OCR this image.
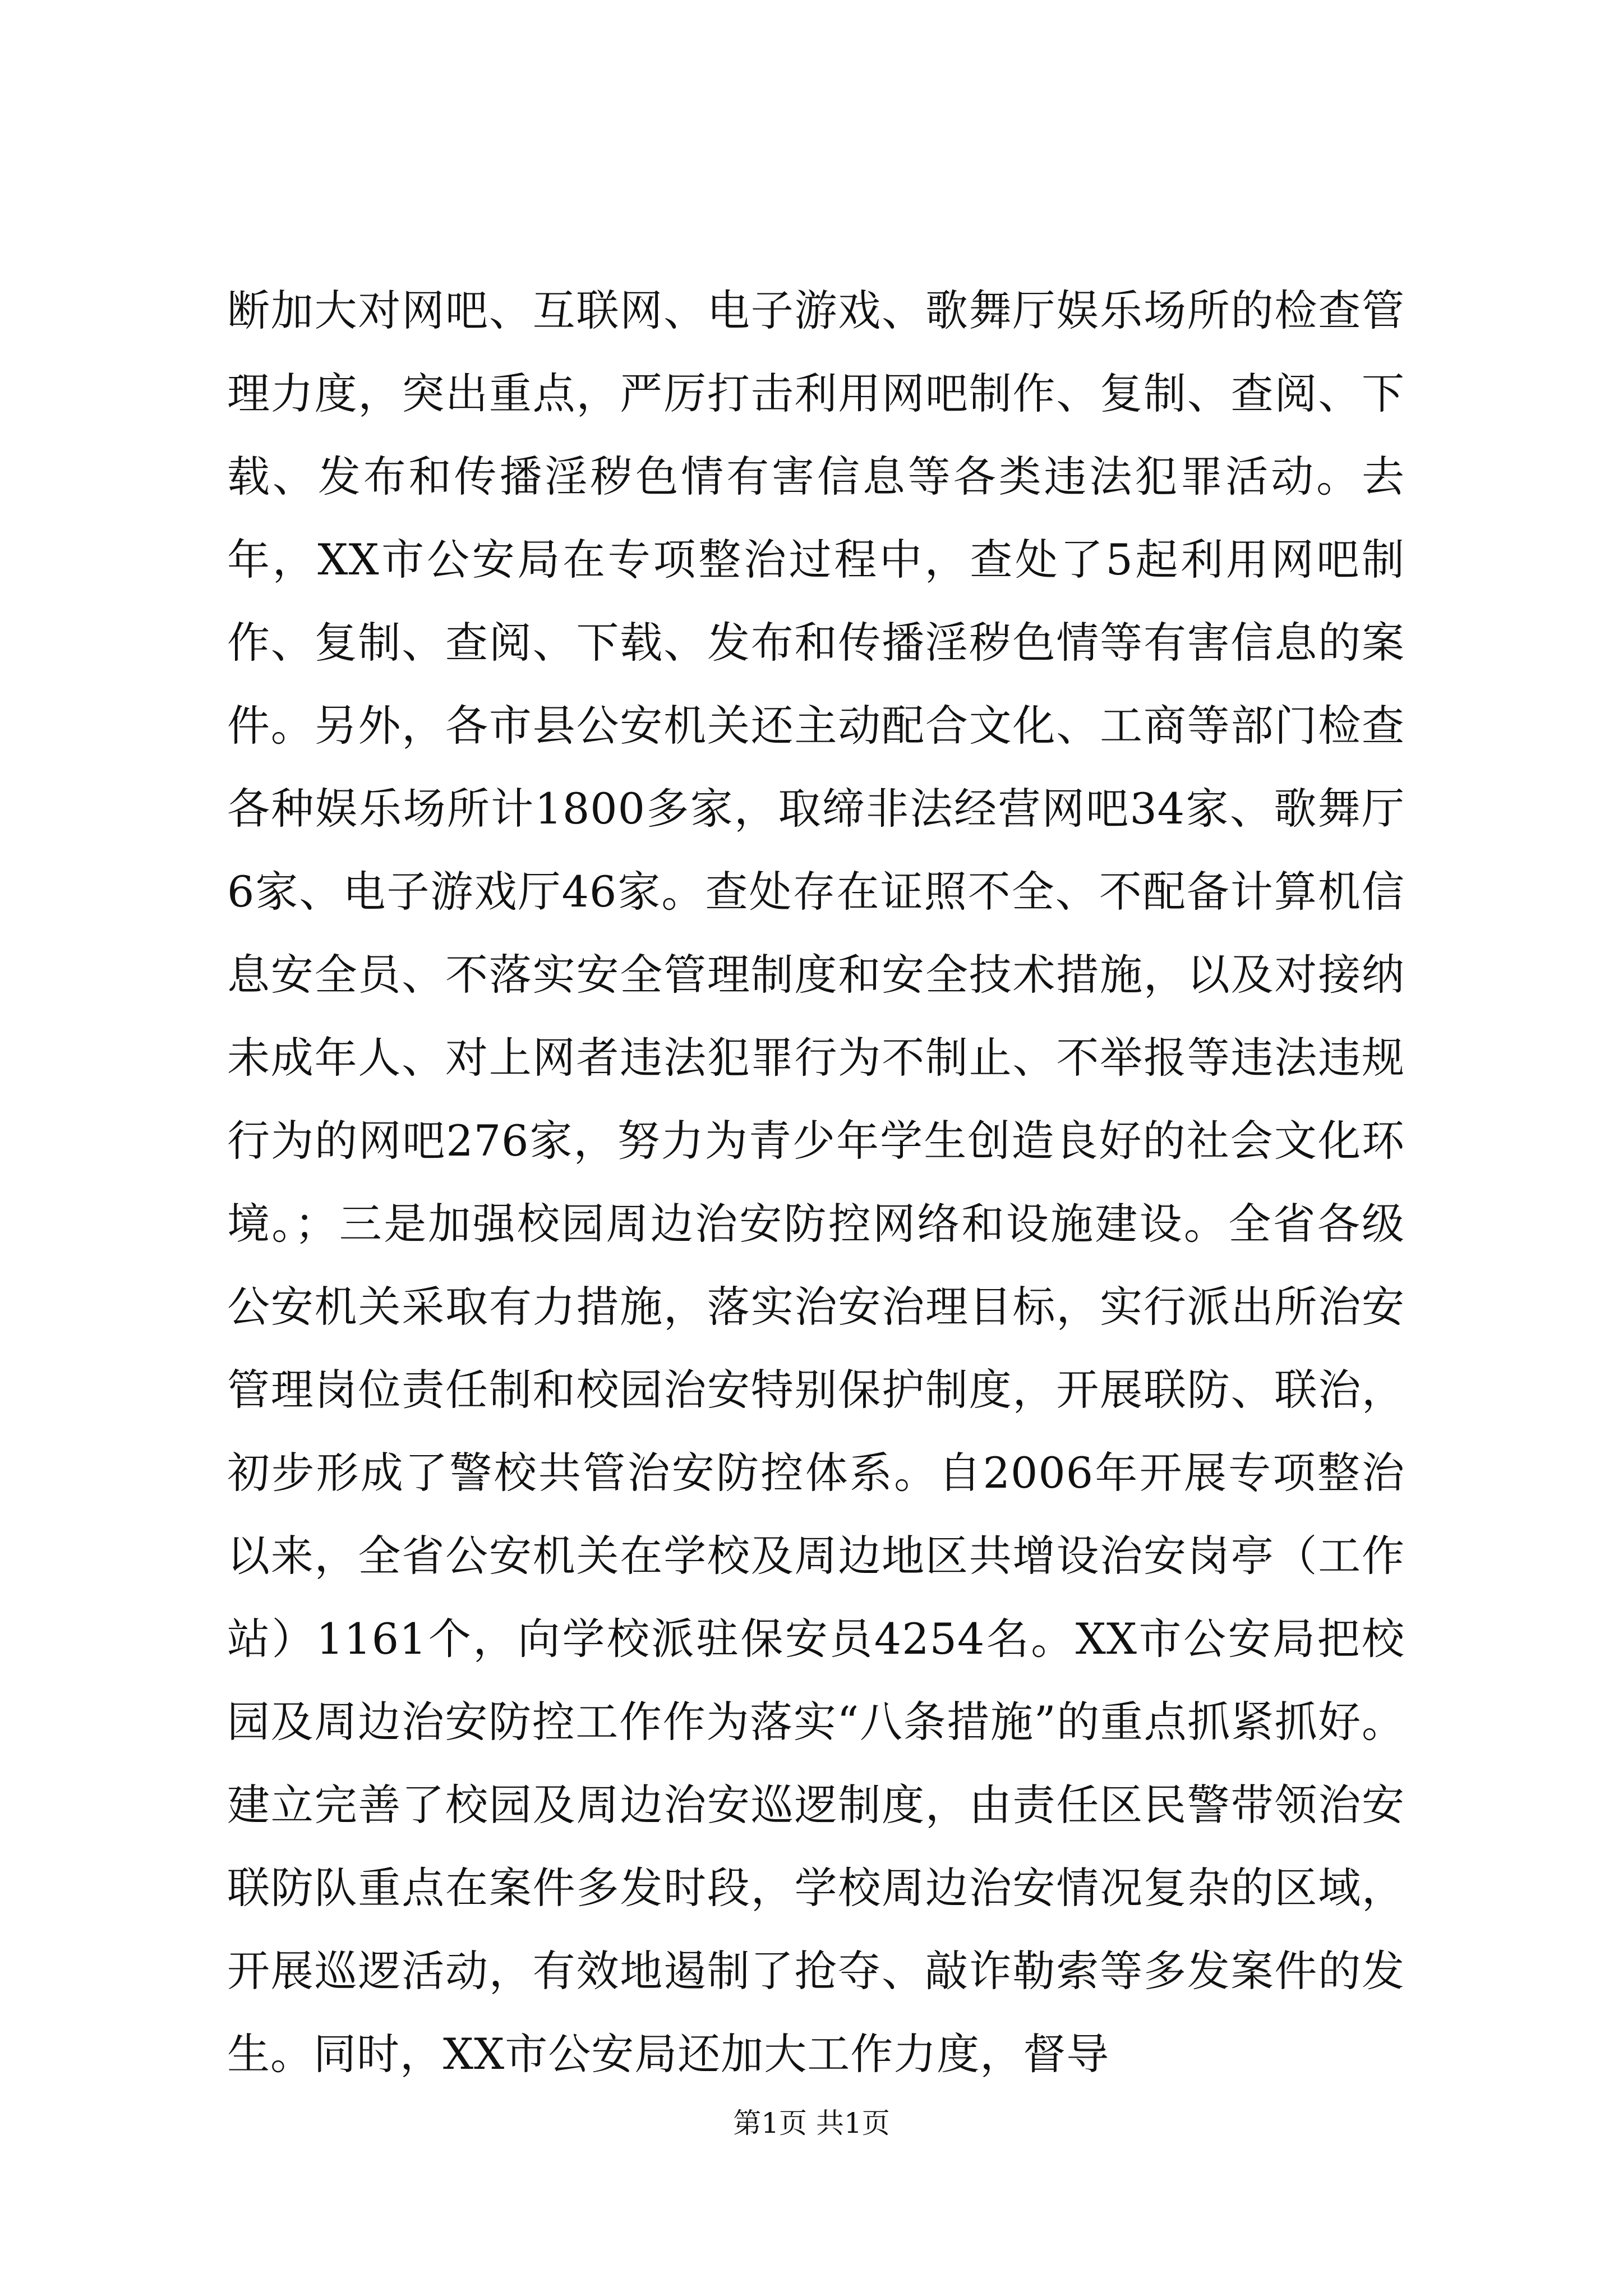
断加大对网吧、互联网、电子游戏、歌舞厅娱乐场所的检查管理力度，突出重点，严厉打击利用网吧制作、复制、查阅、下载、发布和传播淫秽色情有害信息等各类违法犯罪活动。去年，XX市公安局在专项整治过程中，查处了5起利用网吧制作、复制、查阅、下载、发布和传播淫秽色情等有害信息的案件。另外，各市县公安机关还主动配合文化、工商等部门检查各种娱乐场所计1800多家，取缔非法经营网吧34家、歌舞厅6家、电子游戏厅46家。查处存在证照不全、不配备计算机信息安全员、不落实安全管理制度和安全技术措施，以及对接纳未成年人、对上网者违法犯罪行为不制止、不举报等违法违规行为的网吧276家，努力为青少年学生创造良好的社会文化环境。；三是加强校园周边治安防控网络和设施建设。全省各级公安机关采取有力措施，落实治安治理目标，实行派出所治安管理岗位责任制和校园治安特别保护制度，开展联防、联治，初步形成了警校共管治安防控体系。自2006年开展专项整治以来，全省公安机关在学校及周边地区共增设治安岗亭（工作站）1161个，向学校派驻保安员4254名。XX市公安局把校园及周边治安防控工作作为落实“八条措施”的重点抓紧抓好。建立完善了校园及周边治安巡逻制度，由责任区民警带领治安联防队重点在案件多发时段，学校周边治安情况复杂的区域，开展巡逻活动，有效地遏制了抢夺、敲诈勒索等多发案件的发生。同时，XX市公安局还加大工作力度，督导

第1页 共1页
